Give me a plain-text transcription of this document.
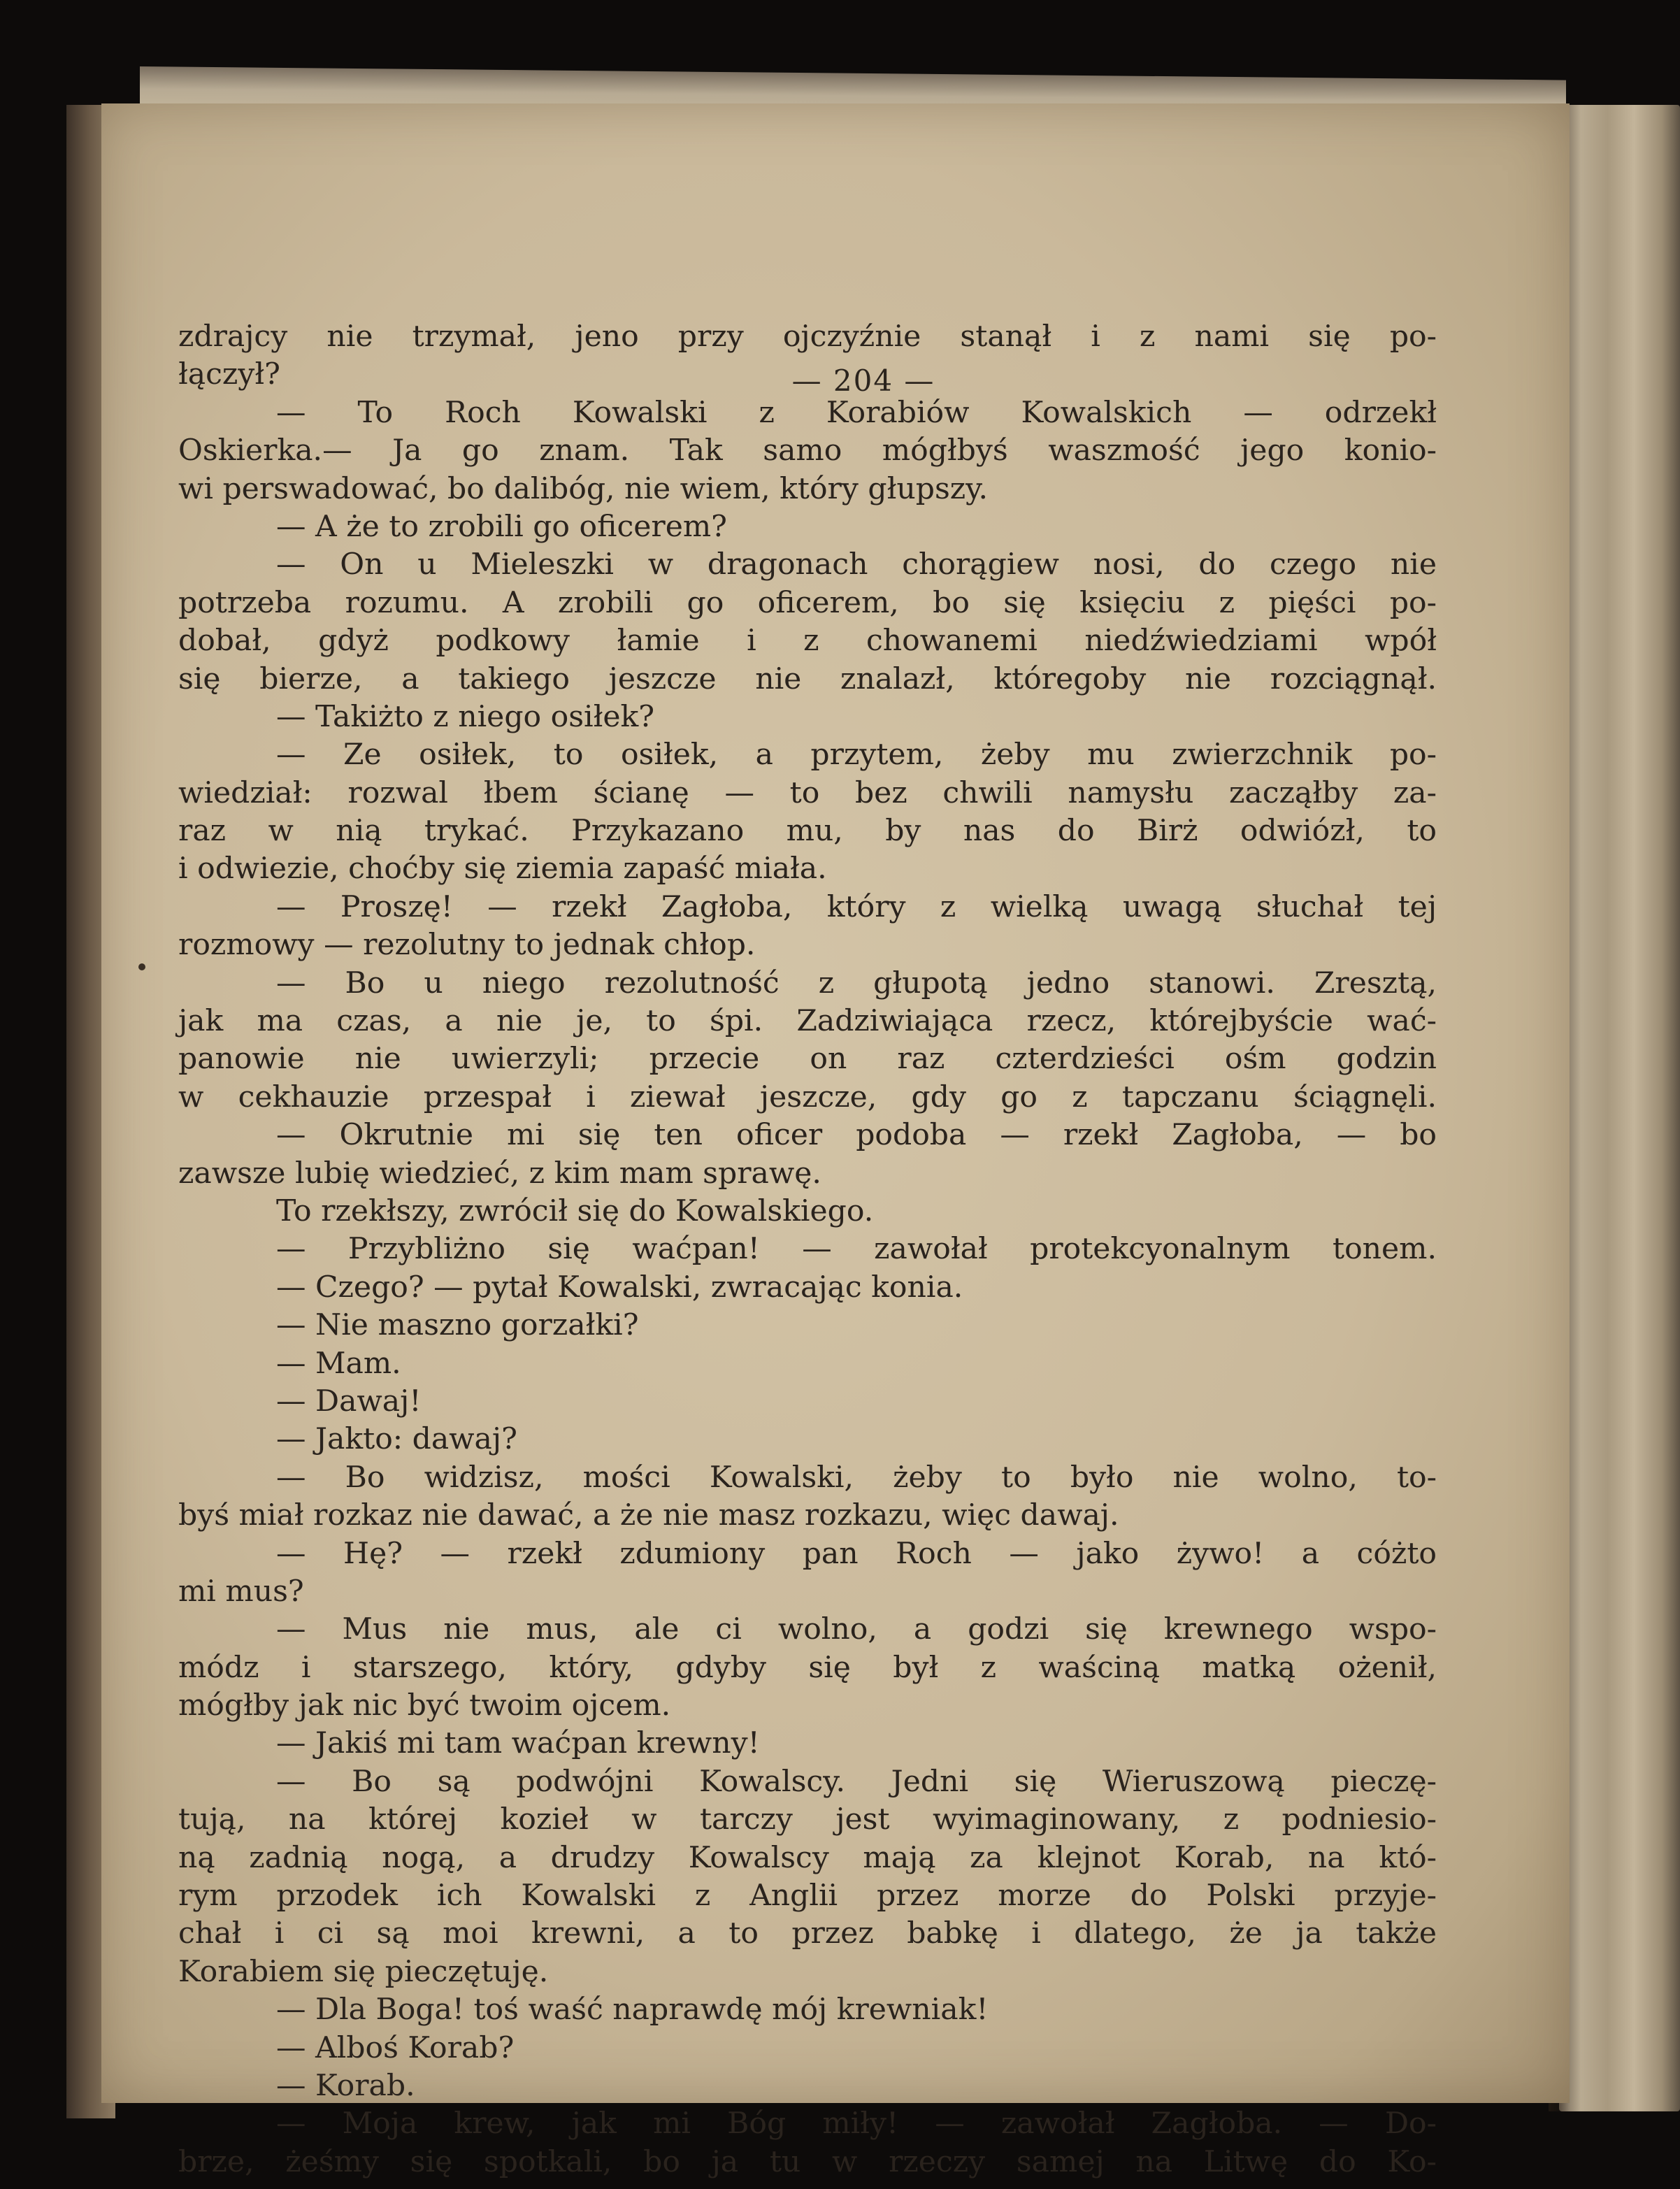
— 204 —

zdrajcy nie trzymał, jeno przy ojczyźnie stanął i z nami się po-
łączył?
— To Roch Kowalski z Korabiów Kowalskich — odrzekł
Oskierka.— Ja go znam. Tak samo mógłbyś waszmość jego konio-
wi perswadować, bo dalibóg, nie wiem, który głupszy.
— A że to zrobili go oficerem?
— On u Mieleszki w dragonach chorągiew nosi, do czego nie
potrzeba rozumu. A zrobili go oficerem, bo się księciu z pięści po-
dobał, gdyż podkowy łamie i z chowanemi niedźwiedziami wpół
się bierze, a takiego jeszcze nie znalazł, któregoby nie rozciągnął.
— Takiżto z niego osiłek?
— Ze osiłek, to osiłek, a przytem, żeby mu zwierzchnik po-
wiedział: rozwal łbem ścianę — to bez chwili namysłu zacząłby za-
raz w nią trykać. Przykazano mu, by nas do Birż odwiózł, to
i odwiezie, choćby się ziemia zapaść miała.
— Proszę! — rzekł Zagłoba, który z wielką uwagą słuchał tej
rozmowy — rezolutny to jednak chłop.
— Bo u niego rezolutność z głupotą jedno stanowi. Zresztą,
jak ma czas, a nie je, to śpi. Zadziwiająca rzecz, którejbyście wać-
panowie nie uwierzyli; przecie on raz czterdzieści ośm godzin
w cekhauzie przespał i ziewał jeszcze, gdy go z tapczanu ściągnęli.
— Okrutnie mi się ten oficer podoba — rzekł Zagłoba, — bo
zawsze lubię wiedzieć, z kim mam sprawę.
To rzekłszy, zwrócił się do Kowalskiego.
— Przybliżno się waćpan! — zawołał protekcyonalnym tonem.
— Czego? — pytał Kowalski, zwracając konia.
— Nie maszno gorzałki?
— Mam.
— Dawaj!
— Jakto: dawaj?
— Bo widzisz, mości Kowalski, żeby to było nie wolno, to-
byś miał rozkaz nie dawać, a że nie masz rozkazu, więc dawaj.
— Hę? — rzekł zdumiony pan Roch — jako żywo! a cóżto
mi mus?
— Mus nie mus, ale ci wolno, a godzi się krewnego wspo-
módz i starszego, który, gdyby się był z waściną matką ożenił,
mógłby jak nic być twoim ojcem.
— Jakiś mi tam waćpan krewny!
— Bo są podwójni Kowalscy. Jedni się Wieruszową pieczę-
tują, na której kozieł w tarczy jest wyimaginowany, z podniesio-
ną zadnią nogą, a drudzy Kowalscy mają za klejnot Korab, na któ-
rym przodek ich Kowalski z Anglii przez morze do Polski przyje-
chał i ci są moi krewni, a to przez babkę i dlatego, że ja także
Korabiem się pieczętuję.
— Dla Boga! toś waść naprawdę mój krewniak!
— Alboś Korab?
— Korab.
— Moja krew, jak mi Bóg miły! — zawołał Zagłoba. — Do-
brze, żeśmy się spotkali, bo ja tu w rzeczy samej na Litwę do Ko-
